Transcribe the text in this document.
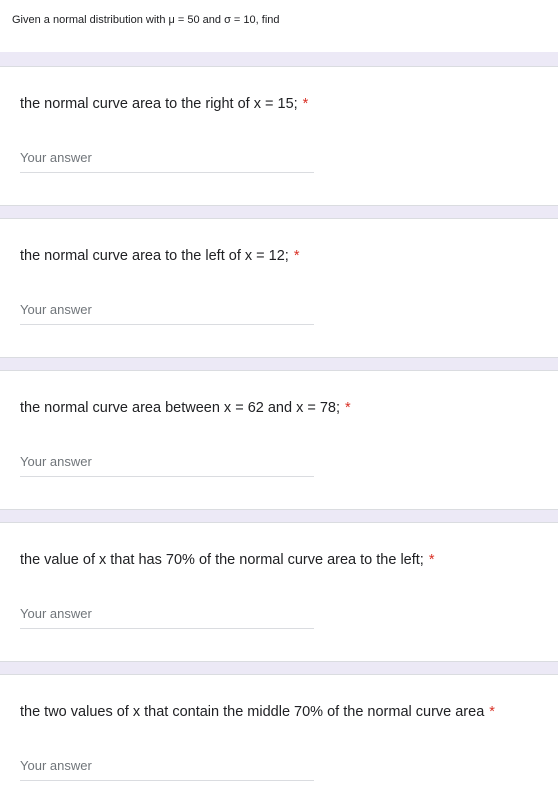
Given a normal distribution with μ = 50 and σ = 10, find
the normal curve area to the right of x = 15; *
Your answer
the normal curve area to the left of x = 12; *
Your answer
the normal curve area between x = 62 and x = 78; *
Your answer
the value of x that has 70% of the normal curve area to the left; *
Your answer
the two values of x that contain the middle 70% of the normal curve area *
Your answer
